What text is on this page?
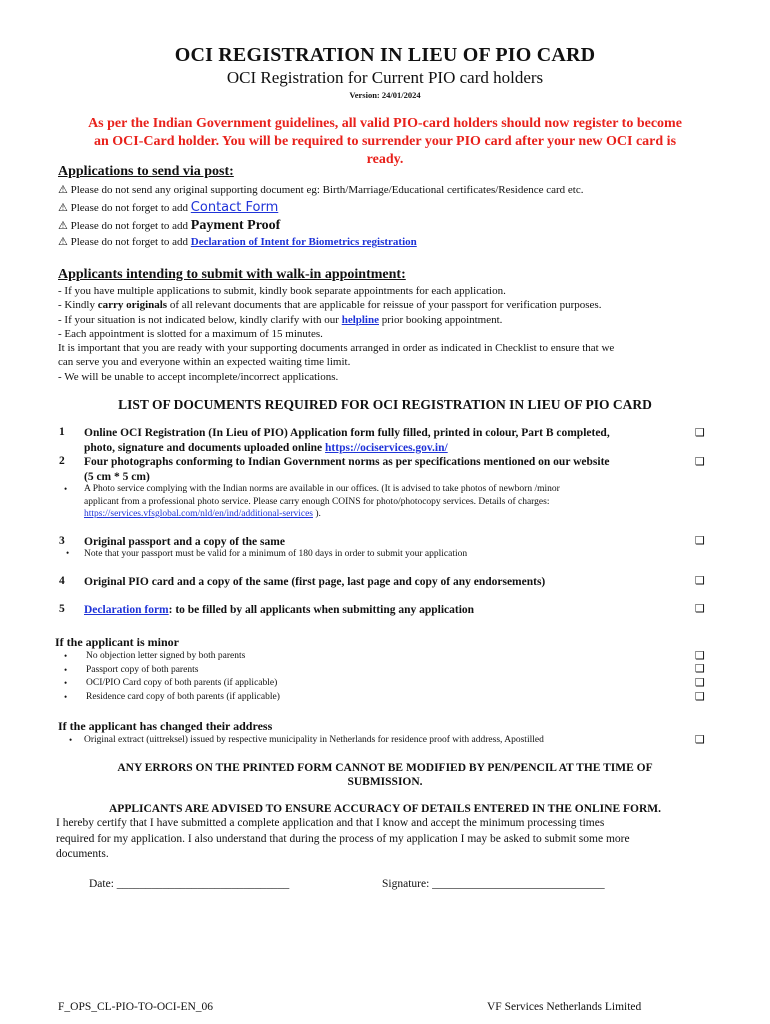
OCI REGISTRATION IN LIEU OF PIO CARD
OCI Registration for Current PIO card holders
Version: 24/01/2024
As per the Indian Government guidelines, all valid PIO-card holders should now register to become
an OCI-Card holder. You will be required to surrender your PIO card after your new OCI card is
ready.
Applications to send via post:
⚠ Please do not send any original supporting document eg: Birth/Marriage/Educational certificates/Residence card etc.
⚠ Please do not forget to add Contact Form
⚠ Please do not forget to add Payment Proof
⚠ Please do not forget to add Declaration of Intent for Biometrics registration
Applicants intending to submit with walk-in appointment:
- If you have multiple applications to submit, kindly book separate appointments for each application.
- Kindly carry originals of all relevant documents that are applicable for reissue of your passport for verification purposes.
- If your situation is not indicated below, kindly clarify with our helpline prior booking appointment.
- Each appointment is slotted for a maximum of 15 minutes.
It is important that you are ready with your supporting documents arranged in order as indicated in Checklist to ensure that we
can serve you and everyone within an expected waiting time limit.
- We will be unable to accept incomplete/incorrect applications.
LIST OF DOCUMENTS REQUIRED FOR OCI REGISTRATION IN LIEU OF PIO CARD
1 Online OCI Registration (In Lieu of PIO) Application form fully filled, printed in colour, Part B completed,
photo, signature and documents uploaded online https://ociservices.gov.in/
❑
2 Four photographs conforming to Indian Government norms as per specifications mentioned on our website
(5 cm * 5 cm)
❑
• A Photo service complying with the Indian norms are available in our offices. (It is advised to take photos of newborn /minor
applicant from a professional photo service. Please carry enough COINS for photo/photocopy services. Details of charges:
https://services.vfsglobal.com/nld/en/ind/additional-services ).
3 Original passport and a copy of the same	❑
• Note that your passport must be valid for a minimum of 180 days in order to submit your application
4 Original PIO card and a copy of the same (first page, last page and copy of any endorsements)	❑
5 Declaration form: to be filled by all applicants when submitting any application	❑
If the applicant is minor
• No objection letter signed by both parents	❑
• Passport copy of both parents	❑
• OCI/PIO Card copy of both parents (if applicable)	❑
• Residence card copy of both parents (if applicable)	❑
If the applicant has changed their address
• Original extract (uittreksel) issued by respective municipality in Netherlands for residence proof with address, Apostilled	❑
ANY ERRORS ON THE PRINTED FORM CANNOT BE MODIFIED BY PEN/PENCIL AT THE TIME OF
SUBMISSION.
APPLICANTS ARE ADVISED TO ENSURE ACCURACY OF DETAILS ENTERED IN THE ONLINE FORM.
I hereby certify that I have submitted a complete application and that I know and accept the minimum processing times
required for my application. I also understand that during the process of my application I may be asked to submit some more
documents.
Date: ______________________________	Signature: ______________________________
F_OPS_CL-PIO-TO-OCI-EN_06	VF Services Netherlands Limited
